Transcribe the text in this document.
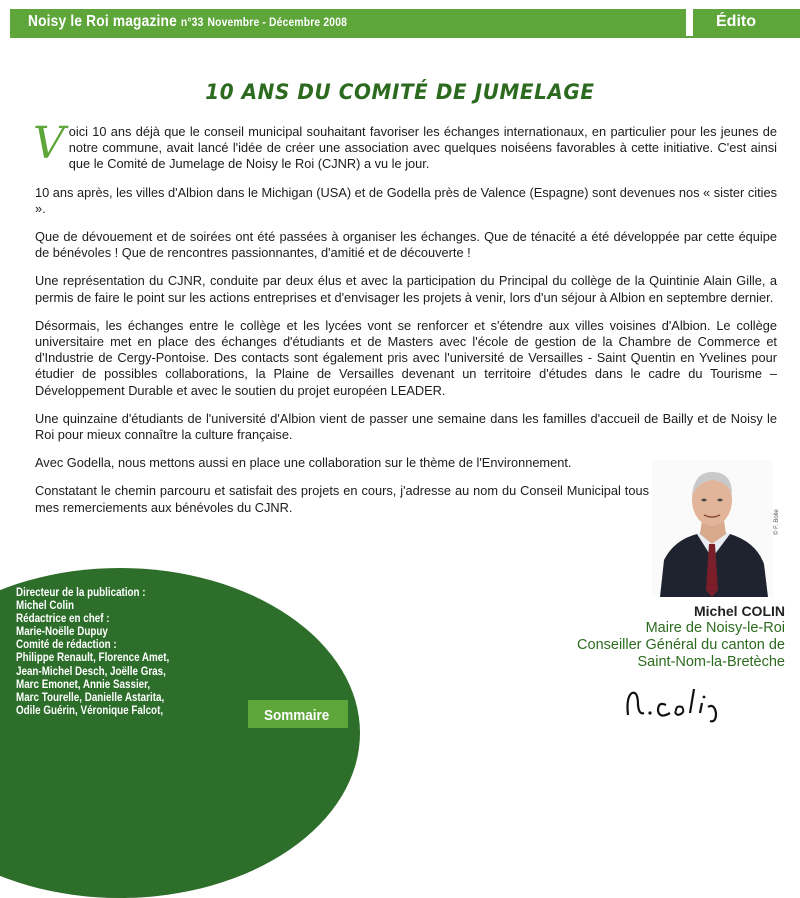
Noisy le Roi magazine n°33 Novembre - Décembre 2008	Édito
10 ANS DU COMITÉ DE JUMELAGE

Voici 10 ans déjà que le conseil municipal souhaitant favoriser les échanges internationaux, en particulier pour les jeunes de notre commune, avait lancé l'idée de créer une association avec quelques noiséens favorables à cette initiative. C'est ainsi que le Comité de Jumelage de Noisy le Roi (CJNR) a vu le jour.

10 ans après, les villes d'Albion dans le Michigan (USA) et de Godella près de Valence (Espagne) sont devenues nos « sister cities ».

Que de dévouement et de soirées ont été passées à organiser les échanges. Que de ténacité a été développée par cette équipe de bénévoles ! Que de rencontres passionnantes, d'amitié et de découverte !

Une représentation du CJNR, conduite par deux élus et avec la participation du Principal du collège de la Quintinie Alain Gille, a permis de faire le point sur les actions entreprises et d'envisager les projets à venir, lors d'un séjour à Albion en septembre dernier.

Désormais, les échanges entre le collège et les lycées vont se renforcer et s'étendre aux villes voisines d'Albion. Le collège universitaire met en place des échanges d'étudiants et de Masters avec l'école de gestion de la Chambre de Commerce et d'Industrie de Cergy-Pontoise. Des contacts sont également pris avec l'université de Versailles - Saint Quentin en Yvelines pour étudier de possibles collaborations, la Plaine de Versailles devenant un territoire d'études dans le cadre du Tourisme – Développement Durable et avec le soutien du projet européen LEADER.

Une quinzaine d'étudiants de l'université d'Albion vient de passer une semaine dans les familles d'accueil de Bailly et de Noisy le Roi pour mieux connaître la culture française.

Avec Godella, nous mettons aussi en place une collaboration sur le thème de l'Environnement.

Constatant le chemin parcouru et satisfait des projets en cours, j'adresse au nom du Conseil Municipal tous mes remerciements aux bénévoles du CJNR.

© F. Bolle
Michel COLIN
Maire de Noisy-le-Roi
Conseiller Général du canton de
Saint-Nom-la-Bretèche
Directeur de la publication :
Michel Colin
Rédactrice en chef :
Marie-Noëlle Dupuy
Comité de rédaction :
Philippe Renault, Florence Amet,
Jean-Michel Desch, Joëlle Gras,
Marc Emonet, Annie Sassier,
Marc Tourelle, Danielle Astarita,
Odile Guérin, Véronique Falcot,	Sommaire
